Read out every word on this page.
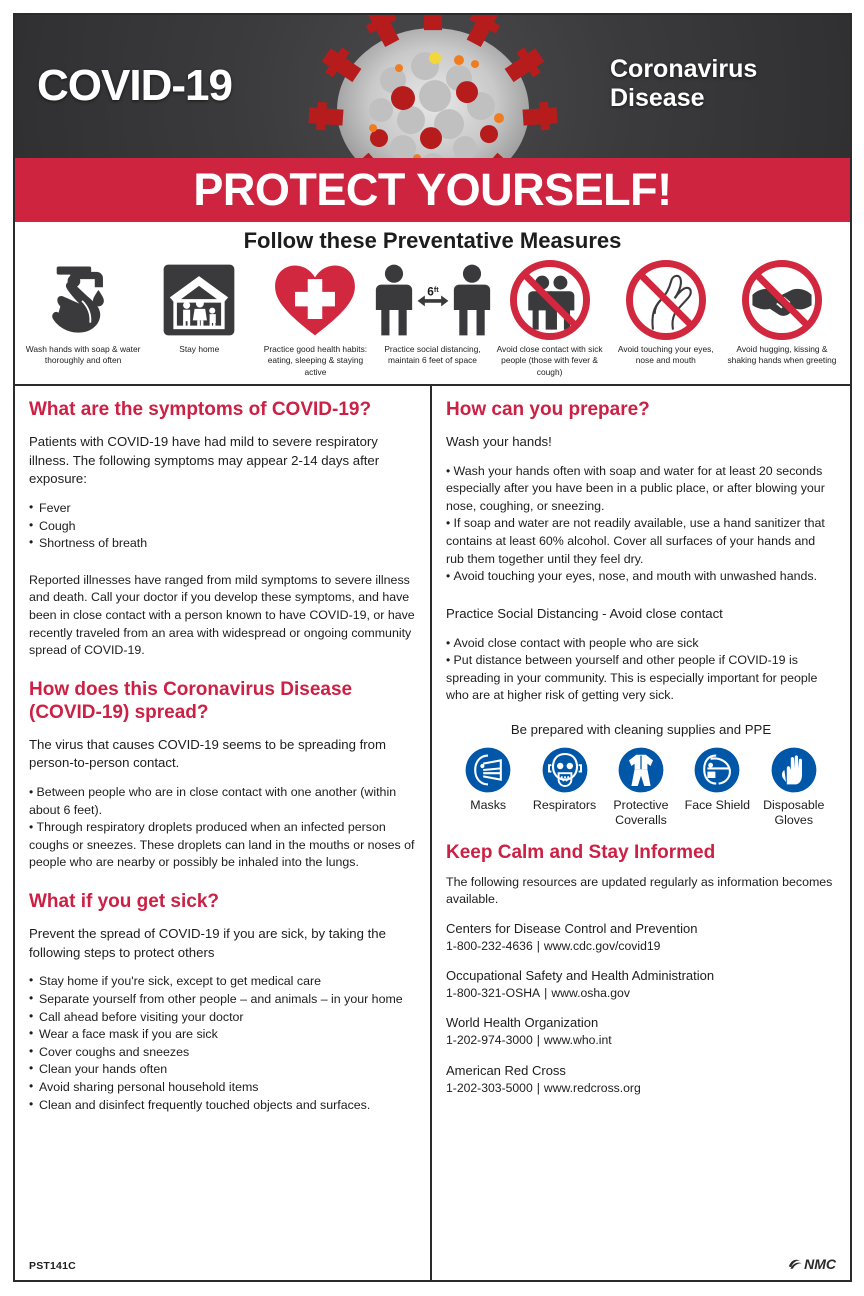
COVID-19	Coronavirus Disease
PROTECT YOURSELF!
Follow these Preventative Measures
Wash hands with soap & water thoroughly and often
Stay home	Practice good health habits: eating, sleeping & staying active
$6^{ft}$
Practice social distancing, maintain 6 feet of space
Avoid close contact with sick people (those with fever & cough)
Avoid touching your eyes, nose and mouth
Avoid hugging, kissing & shaking hands when greeting
What are the symptoms of COVID-19?

Patients with COVID-19 have had mild to severe respiratory illness. The following symptoms may appear 2-14 days after exposure:

• Fever
• Cough
• Shortness of breath

Reported illnesses have ranged from mild symptoms to severe illness and death. Call your doctor if you develop these symptoms, and have been in close contact with a person known to have COVID-19, or have recently traveled from an area with widespread or ongoing community spread of COVID-19.

How does this Coronavirus Disease (COVID-19) spread?

The virus that causes COVID-19 seems to be spreading from person-to-person contact.

• Between people who are in close contact with one another (within about 6 feet).
• Through respiratory droplets produced when an infected person coughs or sneezes. These droplets can land in the mouths or noses of people who are nearby or possibly be inhaled into the lungs.
What if you get sick?

Prevent the spread of COVID-19 if you are sick, by taking the following steps to protect others

• Stay home if you're sick, except to get medical care
• Separate yourself from other people – and animals – in your home
• Call ahead before visiting your doctor
• Wear a face mask if you are sick
• Cover coughs and sneezes
• Clean your hands often
• Avoid sharing personal household items
• Clean and disinfect frequently touched objects and surfaces.
PST141C
How can you prepare?

Wash your hands!

• Wash your hands often with soap and water for at least 20 seconds especially after you have been in a public place, or after blowing your nose, coughing, or sneezing.
• If soap and water are not readily available, use a hand sanitizer that contains at least 60% alcohol. Cover all surfaces of your hands and rub them together until they feel dry.
• Avoid touching your eyes, nose, and mouth with unwashed hands.

Practice Social Distancing - Avoid close contact

• Avoid close contact with people who are sick
• Put distance between yourself and other people if COVID-19 is spreading in your community. This is especially important for people who are at higher risk of getting very sick.
Be prepared with cleaning supplies and PPE
Masks Respirators	Protective Coveralls
Face Shield	Disposable Gloves
Keep Calm and Stay Informed

The following resources are updated regularly as information becomes available.

Centers for Disease Control and Prevention
1-800-232-4636 | www.cdc.gov/covid19
Occupational Safety and Health Administration
1-800-321-OSHA | www.osha.gov
World Health Organization
1-202-974-3000 | www.who.int
American Red Cross
1-202-303-5000 | www.redcross.org
NMC
